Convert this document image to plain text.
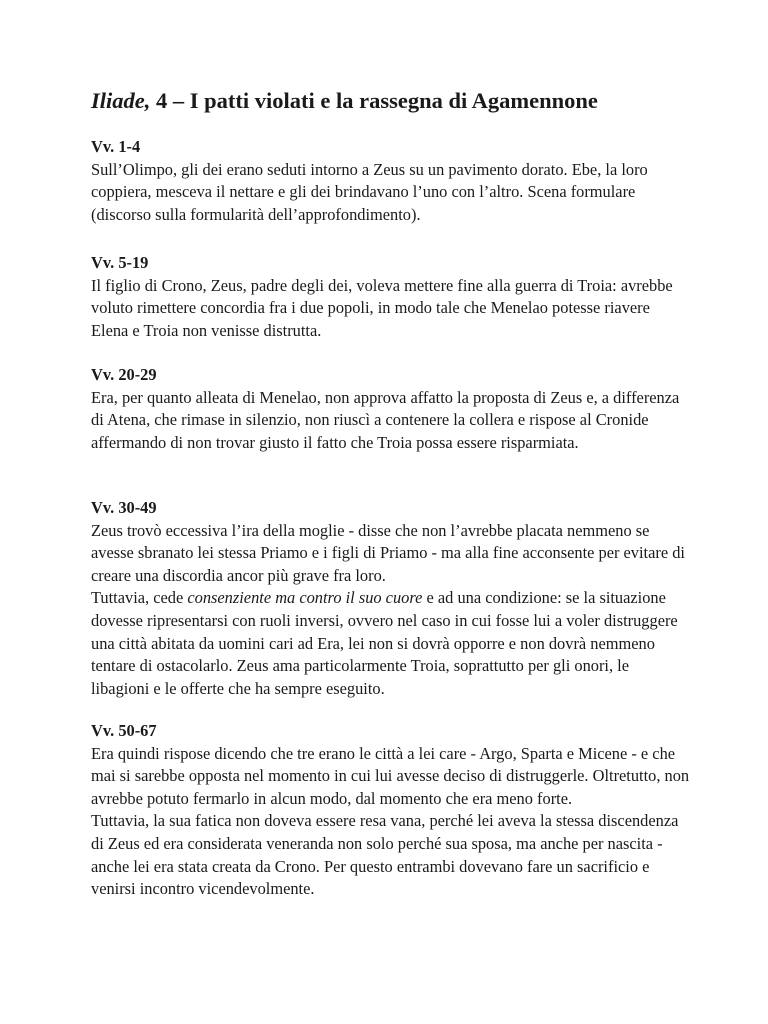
Iliade, 4 – I patti violati e la rassegna di Agamennone
Vv. 1-4
Sull’Olimpo, gli dei erano seduti intorno a Zeus su un pavimento dorato. Ebe, la loro coppiera, mesceva il nettare e gli dei brindavano l’uno con l’altro. Scena formulare (discorso sulla formularità dell’approfondimento).
Vv. 5-19
Il figlio di Crono, Zeus, padre degli dei, voleva mettere fine alla guerra di Troia: avrebbe voluto rimettere concordia fra i due popoli, in modo tale che Menelao potesse riavere Elena e Troia non venisse distrutta.
Vv. 20-29
Era, per quanto alleata di Menelao, non approva affatto la proposta di Zeus e, a differenza di Atena, che rimase in silenzio, non riuscì a contenere la collera e rispose al Cronide affermando di non trovar giusto il fatto che Troia possa essere risparmiata.
Vv. 30-49
Zeus trovò eccessiva l’ira della moglie - disse che non l’avrebbe placata nemmeno se avesse sbranato lei stessa Priamo e i figli di Priamo - ma alla fine acconsente per evitare di creare una discordia ancor più grave fra loro.
Tuttavia, cede consenziente ma contro il suo cuore e ad una condizione: se la situazione dovesse ripresentarsi con ruoli inversi, ovvero nel caso in cui fosse lui a voler distruggere una città abitata da uomini cari ad Era, lei non si dovrà opporre e non dovrà nemmeno tentare di ostacolarlo. Zeus ama particolarmente Troia, soprattutto per gli onori, le libagioni e le offerte che ha sempre eseguito.
Vv. 50-67
Era quindi rispose dicendo che tre erano le città a lei care - Argo, Sparta e Micene - e che mai si sarebbe opposta nel momento in cui lui avesse deciso di distruggerle. Oltretutto, non avrebbe potuto fermarlo in alcun modo, dal momento che era meno forte.
Tuttavia, la sua fatica non doveva essere resa vana, perché lei aveva la stessa discendenza di Zeus ed era considerata veneranda non solo perché sua sposa, ma anche per nascita - anche lei era stata creata da Crono. Per questo entrambi dovevano fare un sacrificio e venirsi incontro vicendevolmente.
